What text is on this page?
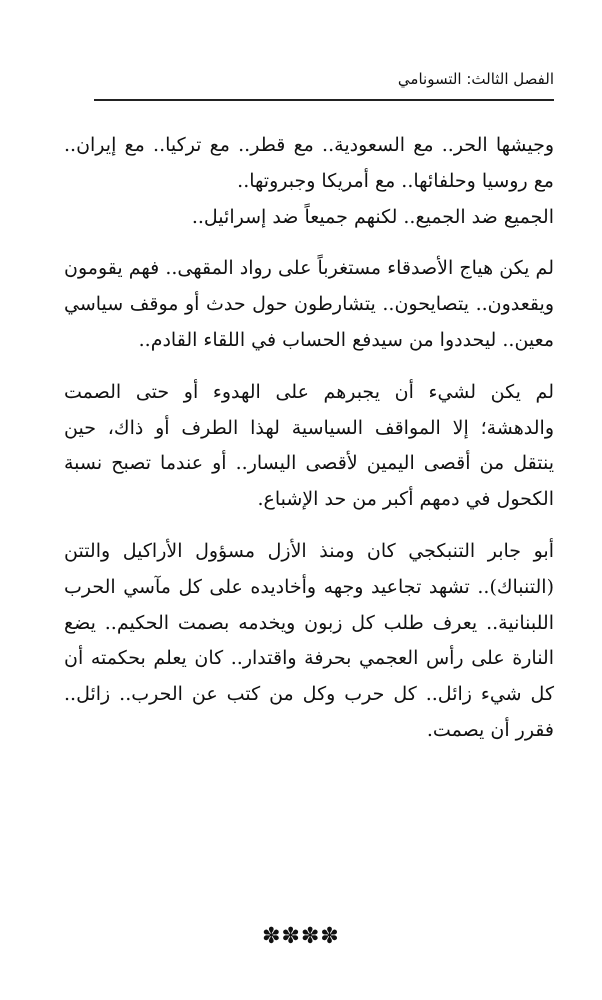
الفصل الثالث: التسونامي

وجيشها الحر.. مع السعودية.. مع قطر.. مع تركيا.. مع إيران.. مع روسيا وحلفائها.. مع أمريكا وجبروتها..

الجميع ضد الجميع.. لكنهم جميعاً ضد إسرائيل..

لم يكن هياج الأصدقاء مستغرباً على رواد المقهى.. فهم يقومون ويقعدون.. يتصايحون.. يتشارطون حول حدث أو موقف سياسي معين.. ليحددوا من سيدفع الحساب في اللقاء القادم..

لم يكن لشيء أن يجبرهم على الهدوء أو حتى الصمت والدهشة؛ إلا المواقف السياسية لهذا الطرف أو ذاك، حين ينتقل من أقصى اليمين لأقصى اليسار.. أو عندما تصبح نسبة الكحول في دمهم أكبر من حد الإشباع.

أبو جابر التنبكجي كان ومنذ الأزل مسؤول الأراكيل والتتن (التنباك).. تشهد تجاعيد وجهه وأخاديده على كل مآسي الحرب اللبنانية.. يعرف طلب كل زبون ويخدمه بصمت الحكيم.. يضع النارة على رأس العجمي بحرفة واقتدار.. كان يعلم بحكمته أن كل شيء زائل.. كل حرب وكل من كتب عن الحرب.. زائل.. فقرر أن يصمت.

✽✽✽✽
